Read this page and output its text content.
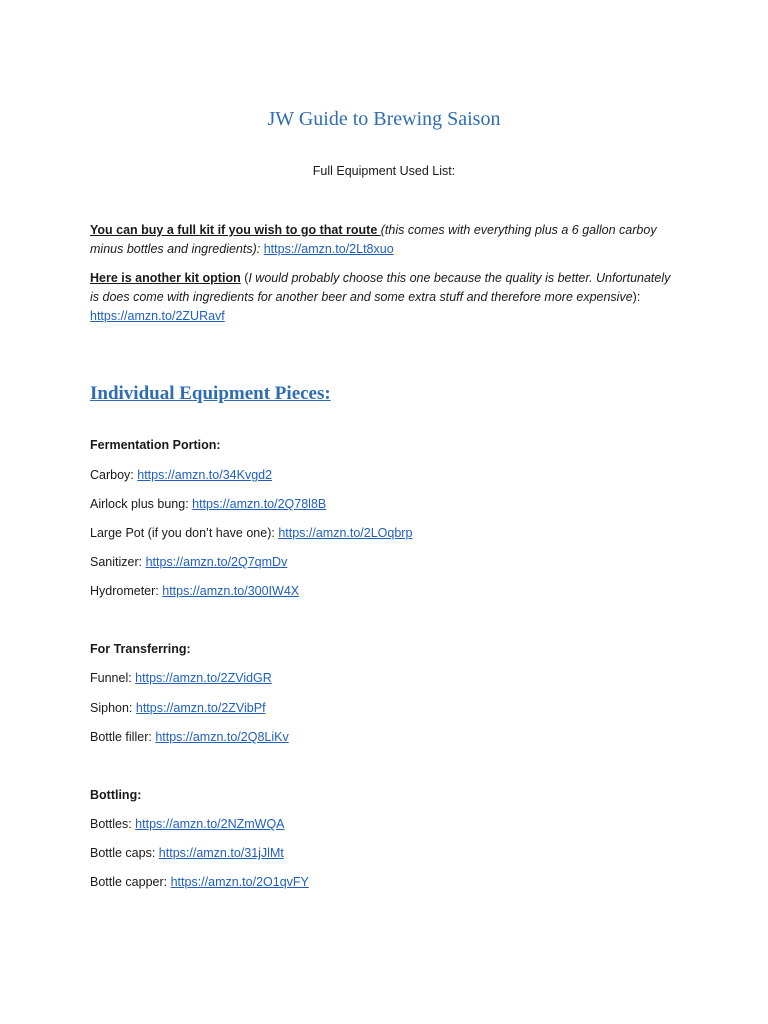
JW Guide to Brewing Saison
Full Equipment Used List:
You can buy a full kit if you wish to go that route (this comes with everything plus a 6 gallon carboy minus bottles and ingredients): https://amzn.to/2Lt8xuo
Here is another kit option (I would probably choose this one because the quality is better. Unfortunately is does come with ingredients for another beer and some extra stuff and therefore more expensive):
https://amzn.to/2ZURavf
Individual Equipment Pieces:
Fermentation Portion:
Carboy: https://amzn.to/34Kvgd2
Airlock plus bung: https://amzn.to/2Q78l8B
Large Pot (if you don’t have one): https://amzn.to/2LOqbrp
Sanitizer: https://amzn.to/2Q7qmDv
Hydrometer: https://amzn.to/300IW4X
For Transferring:
Funnel: https://amzn.to/2ZVidGR
Siphon: https://amzn.to/2ZVibPf
Bottle filler: https://amzn.to/2Q8LiKv
Bottling:
Bottles: https://amzn.to/2NZmWQA
Bottle caps: https://amzn.to/31jJlMt
Bottle capper: https://amzn.to/2O1qvFY
